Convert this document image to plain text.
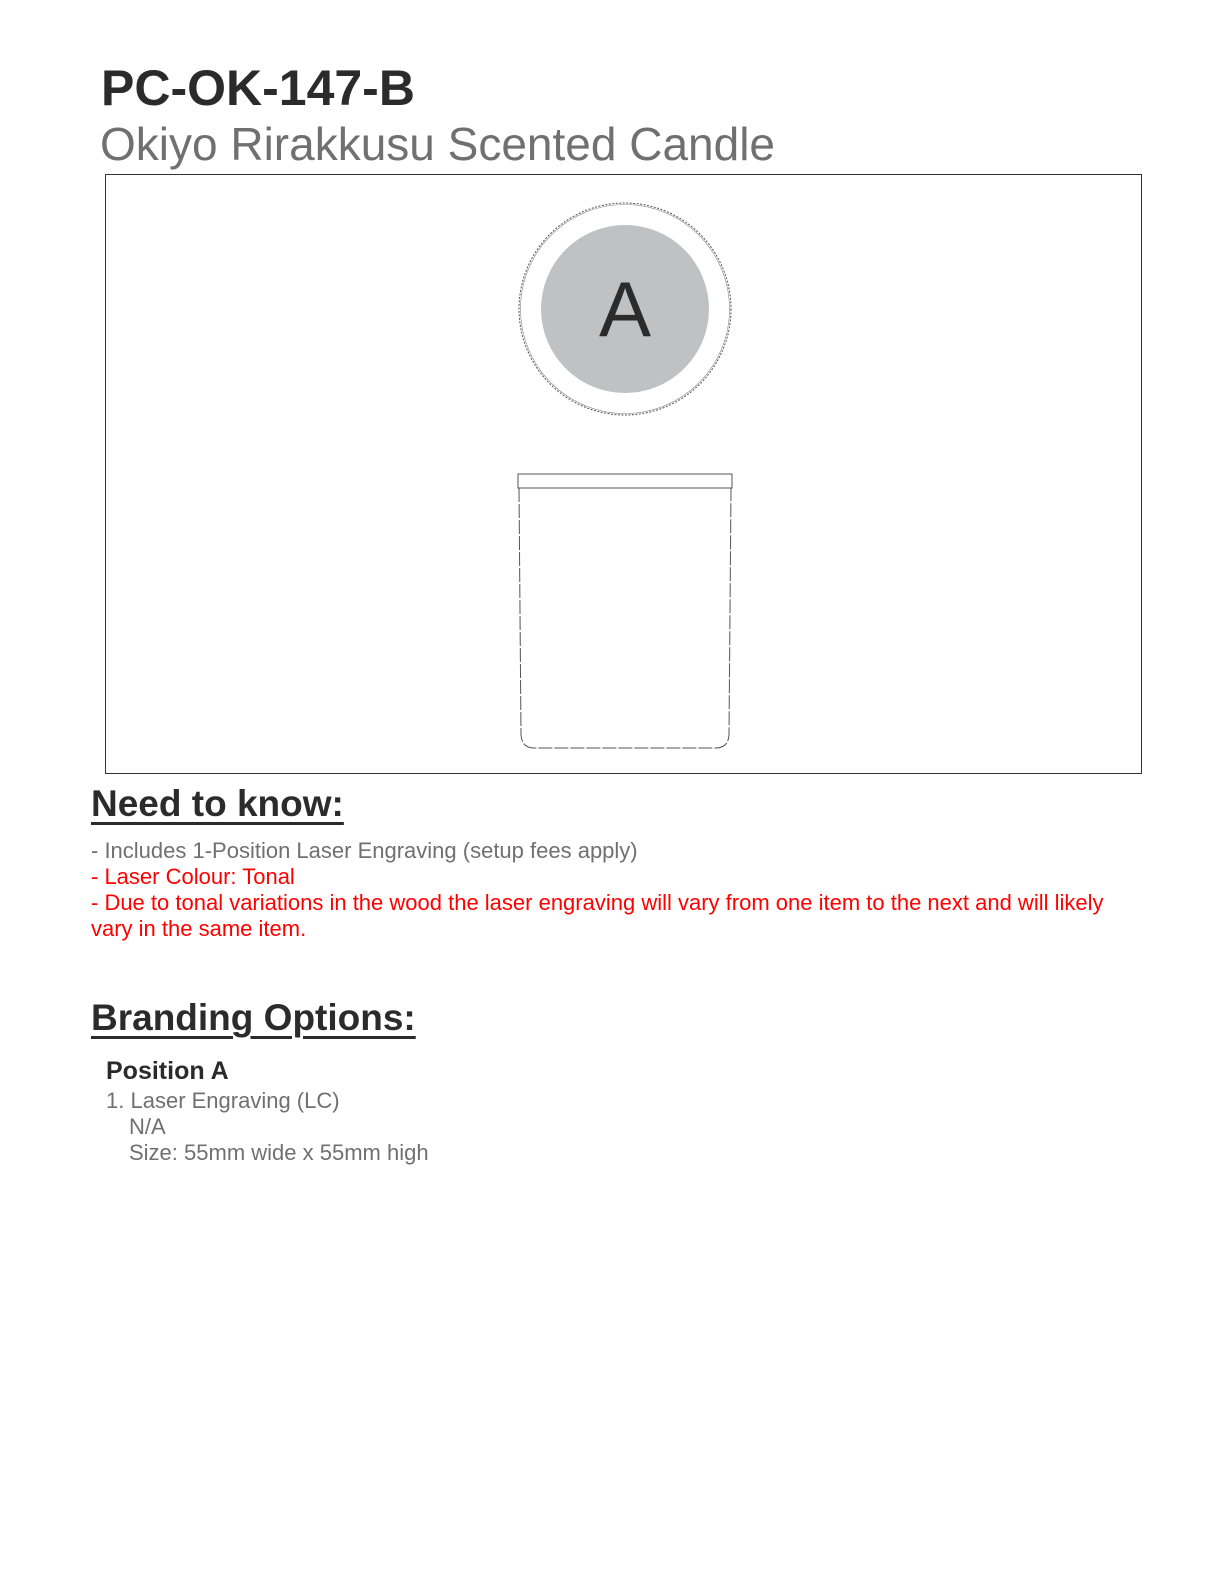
PC-OK-147-B
Okiyo Rirakkusu Scented Candle
A
Need to know:
- Includes 1-Position Laser Engraving (setup fees apply)
- Laser Colour: Tonal
- Due to tonal variations in the wood the laser engraving will vary from one item to the next and will likely vary in the same item.
Branding Options:
Position A
1. Laser Engraving (LC)
N/A
Size: 55mm wide x 55mm high
